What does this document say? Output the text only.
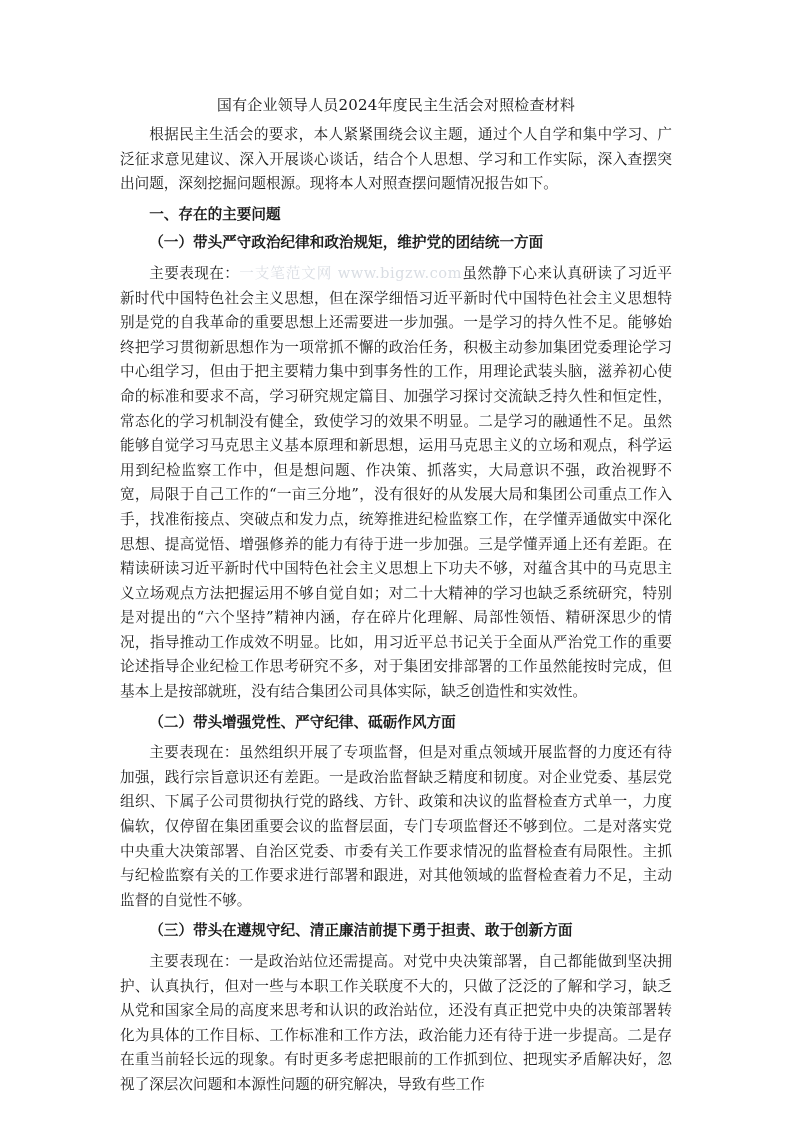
国有企业领导人员2024年度民主生活会对照检查材料

根据民主生活会的要求，本人紧紧围绕会议主题，通过个人自学和集中学习、广泛征求意见建议、深入开展谈心谈话，结合个人思想、学习和工作实际，深入查摆突出问题，深刻挖掘问题根源。现将本人对照查摆问题情况报告如下。

一、存在的主要问题
（一）带头严守政治纪律和政治规矩，维护党的团结统一方面

主要表现在：一支笔范文网 www.bigzw.com虽然静下心来认真研读了习近平新时代中国特色社会主义思想，但在深学细悟习近平新时代中国特色社会主义思想特别是党的自我革命的重要思想上还需要进一步加强。一是学习的持久性不足。能够始终把学习贯彻新思想作为一项常抓不懈的政治任务，积极主动参加集团党委理论学习中心组学习，但由于把主要精力集中到事务性的工作，用理论武装头脑，滋养初心使命的标准和要求不高，学习研究规定篇目、加强学习探讨交流缺乏持久性和恒定性，常态化的学习机制没有健全，致使学习的效果不明显。二是学习的融通性不足。虽然能够自觉学习马克思主义基本原理和新思想，运用马克思主义的立场和观点，科学运用到纪检监察工作中，但是想问题、作决策、抓落实，大局意识不强，政治视野不宽，局限于自己工作的“一亩三分地”，没有很好的从发展大局和集团公司重点工作入手，找准衔接点、突破点和发力点，统筹推进纪检监察工作，在学懂弄通做实中深化思想、提高觉悟、增强修养的能力有待于进一步加强。三是学懂弄通上还有差距。在精读研读习近平新时代中国特色社会主义思想上下功夫不够，对蕴含其中的马克思主义立场观点方法把握运用不够自觉自如；对二十大精神的学习也缺乏系统研究，特别是对提出的“六个坚持”精神内涵，存在碎片化理解、局部性领悟、精研深思少的情况，指导推动工作成效不明显。比如，用习近平总书记关于全面从严治党工作的重要论述指导企业纪检工作思考研究不多，对于集团安排部署的工作虽然能按时完成，但基本上是按部就班，没有结合集团公司具体实际，缺乏创造性和实效性。

（二）带头增强党性、严守纪律、砥砺作风方面

主要表现在：虽然组织开展了专项监督，但是对重点领域开展监督的力度还有待加强，践行宗旨意识还有差距。一是政治监督缺乏精度和韧度。对企业党委、基层党组织、下属子公司贯彻执行党的路线、方针、政策和决议的监督检查方式单一，力度偏软，仅停留在集团重要会议的监督层面，专门专项监督还不够到位。二是对落实党中央重大决策部署、自治区党委、市委有关工作要求情况的监督检查有局限性。主抓与纪检监察有关的工作要求进行部署和跟进，对其他领域的监督检查着力不足，主动监督的自觉性不够。

（三）带头在遵规守纪、清正廉洁前提下勇于担责、敢于创新方面

主要表现在：一是政治站位还需提高。对党中央决策部署，自己都能做到坚决拥护、认真执行，但对一些与本职工作关联度不大的，只做了泛泛的了解和学习，缺乏从党和国家全局的高度来思考和认识的政治站位，还没有真正把党中央的决策部署转化为具体的工作目标、工作标准和工作方法，政治能力还有待于进一步提高。二是存在重当前轻长远的现象。有时更多考虑把眼前的工作抓到位、把现实矛盾解决好，忽视了深层次问题和本源性问题的研究解决，导致有些工作
